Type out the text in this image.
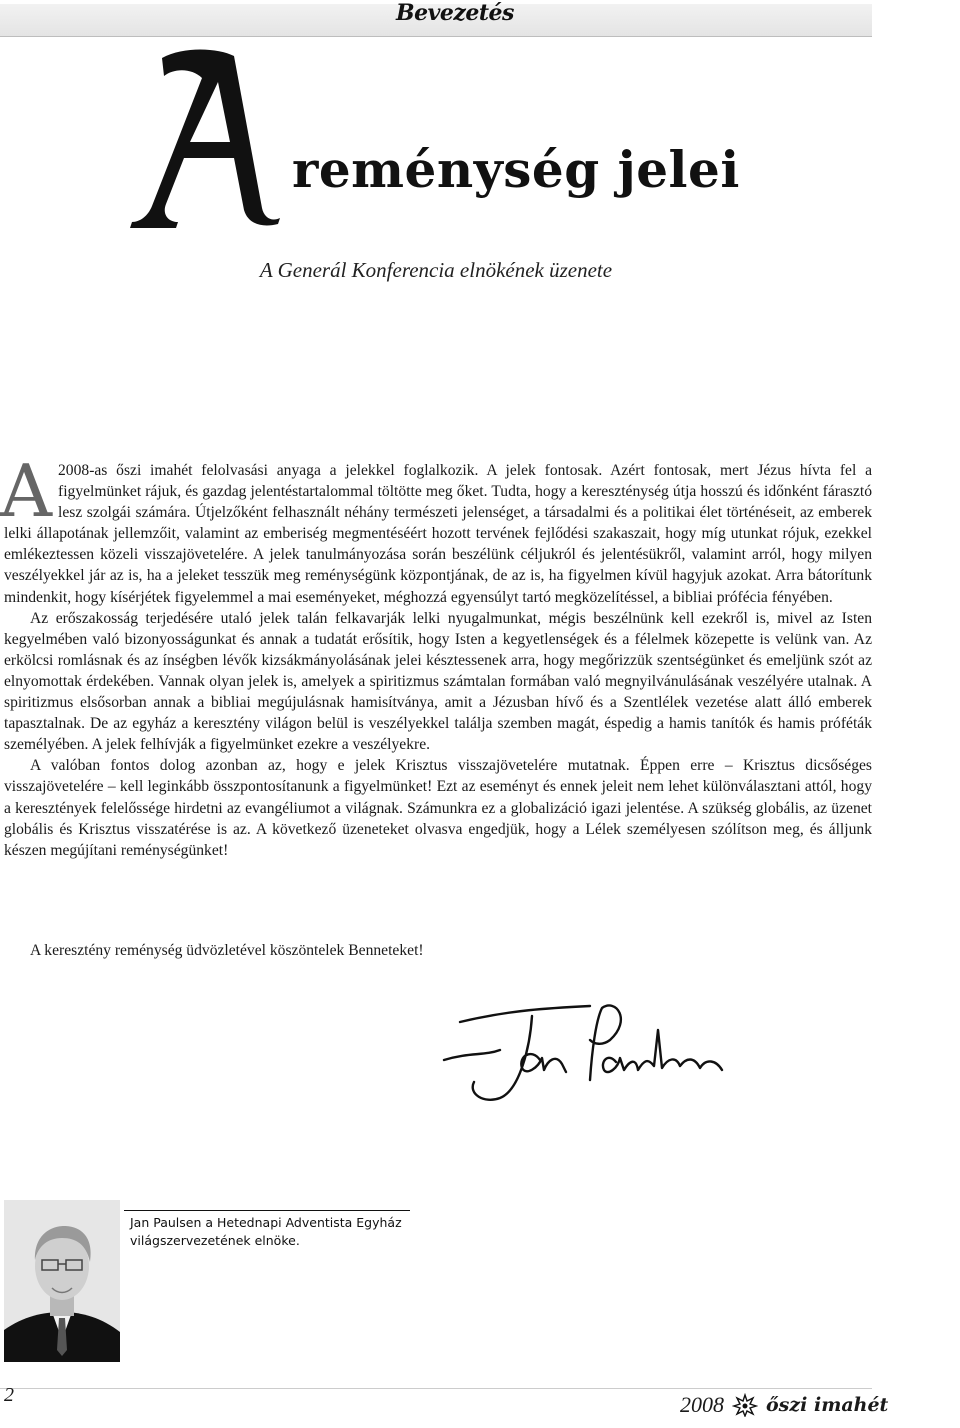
Bevezetés
reménység jelei
A Generál Konferencia elnökének üzenete

A 2008-as őszi imahét felolvasási anyaga a jelekkel foglalkozik. A jelek fontosak. Azért fontosak, mert Jézus hívta fel a figyelmünket rájuk, és gazdag jelentéstartalommal töltötte meg őket. Tudta, hogy a kereszténység útja hosszú és időnként fárasztó lesz szolgái számára. Útjelzőként felhasznált néhány természeti jelenséget, a társadalmi és a politikai élet történéseit, az emberek lelki állapotának jellemzőit, valamint az emberiség megmentéséért hozott tervének fejlődési szakaszait, hogy míg utunkat rójuk, ezekkel emlékeztessen közeli visszajövetelére. A jelek tanulmányozása során beszélünk céljukról és jelentésükről, valamint arról, hogy milyen veszélyekkel jár az is, ha a jeleket tesszük meg reménységünk központjának, de az is, ha figyelmen kívül hagyjuk azokat. Arra bátorítunk mindenkit, hogy kísérjétek figyelemmel a mai eseményeket, méghozzá egyensúlyt tartó megközelítéssel, a bibliai prófécia fényében.

Az erőszakosság terjedésére utaló jelek talán felkavarják lelki nyugalmunkat, mégis beszélnünk kell ezekről is, mivel az Isten kegyelmében való bizonyosságunkat és annak a tudatát erősítik, hogy Isten a kegyetlenségek és a félelmek közepette is velünk van. Az erkölcsi romlásnak és az ínségben lévők kizsákmányolásának jelei késztessenek arra, hogy megőrizzük szentségünket és emeljünk szót az elnyomottak érdekében. Vannak olyan jelek is, amelyek a spiritizmus számtalan formában való megnyilvánulásának veszélyére utalnak. A spiritizmus elsősorban annak a bibliai megújulásnak hamisítványa, amit a Jézusban hívő és a Szentlélek vezetése alatt álló emberek tapasztalnak. De az egyház a keresztény világon belül is veszélyekkel találja szemben magát, éspedig a hamis tanítók és hamis próféták személyében. A jelek felhívják a figyelmünket ezekre a veszélyekre.

A valóban fontos dolog azonban az, hogy e jelek Krisztus visszajövetelére mutatnak. Éppen erre – Krisztus dicsőséges visszajövetelére – kell leginkább összpontosítanunk a figyelmünket! Ezt az eseményt és ennek jeleit nem lehet különválasztani attól, hogy a keresztények felelőssége hirdetni az evangéliumot a világnak. Számunkra ez a globalizáció igazi jelentése. A szükség globális, az üzenet globális és Krisztus visszatérése is az. A következő üzeneteket olvasva engedjük, hogy a Lélek személyesen szólítson meg, és álljunk készen megújítani reménységünket!

A keresztény reménység üdvözletével köszöntelek Benneteket!
Jan Paulsen a Hetednapi Adventista Egyház
világszervezetének elnöke.
2	2008 őszi imahét
